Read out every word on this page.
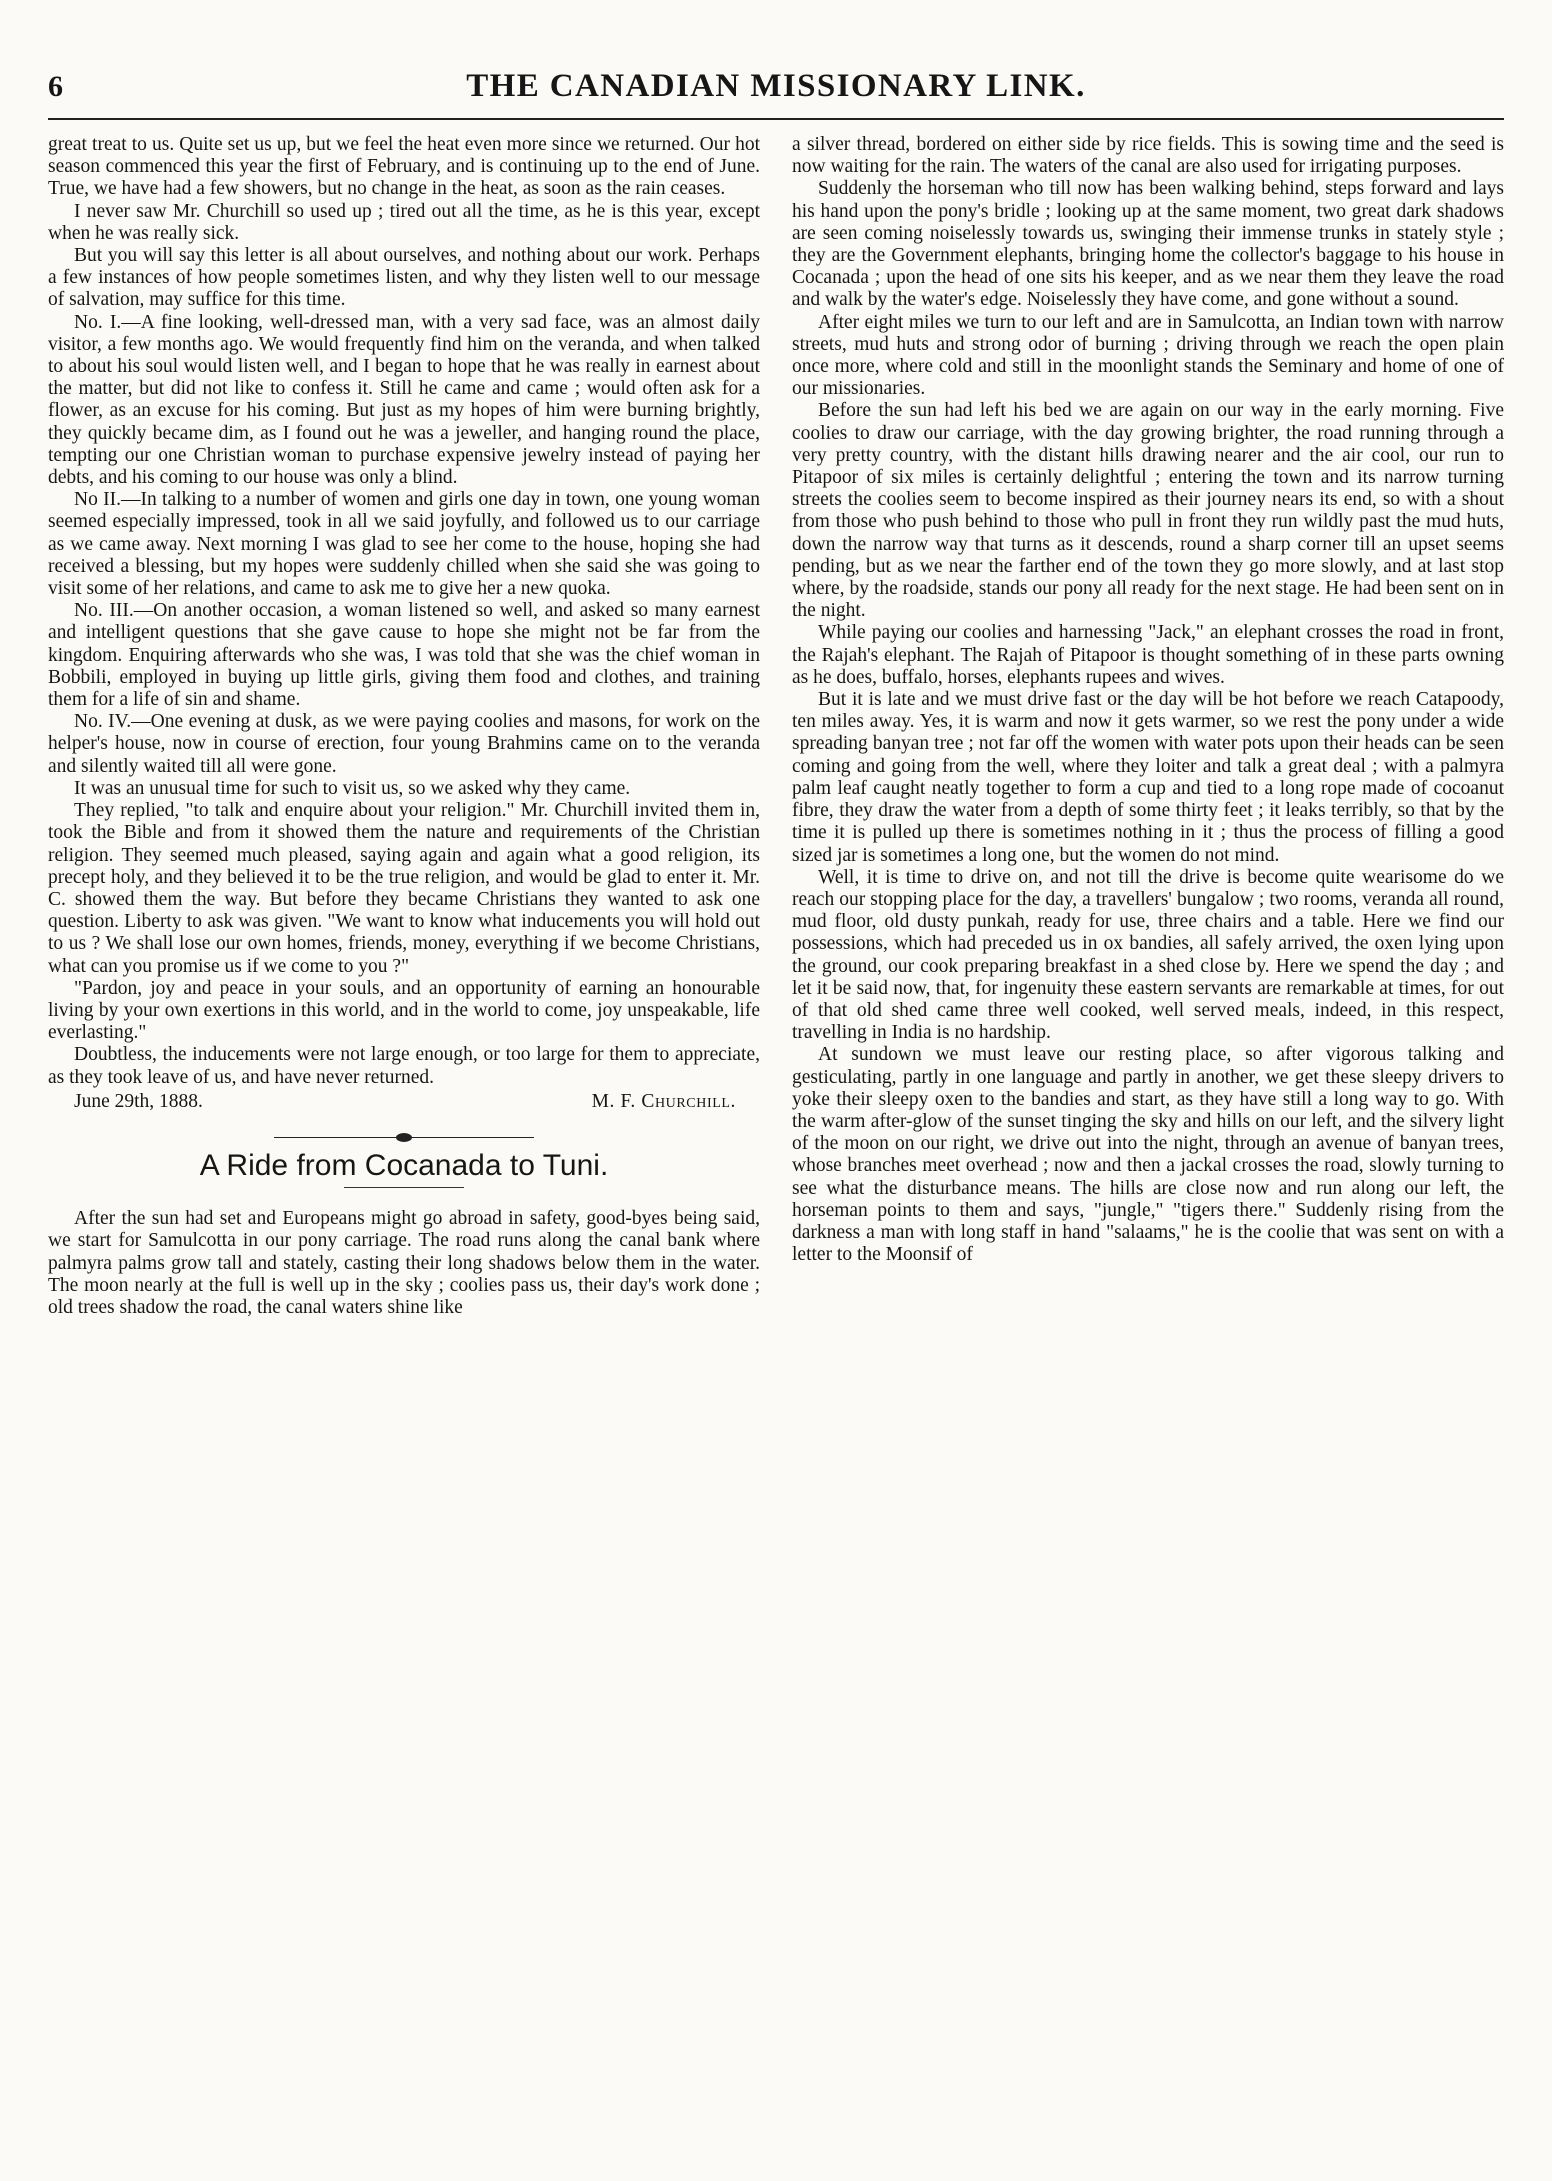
6	THE CANADIAN MISSIONARY LINK.

great treat to us. Quite set us up, but we feel the heat even more since we returned. Our hot season commenced this year the first of February, and is continuing up to the end of June. True, we have had a few showers, but no change in the heat, as soon as the rain ceases.

I never saw Mr. Churchill so used up ; tired out all the time, as he is this year, except when he was really sick.

But you will say this letter is all about ourselves, and nothing about our work. Perhaps a few instances of how people sometimes listen, and why they listen well to our message of salvation, may suffice for this time.

No. I.—A fine looking, well-dressed man, with a very sad face, was an almost daily visitor, a few months ago. We would frequently find him on the veranda, and when talked to about his soul would listen well, and I began to hope that he was really in earnest about the matter, but did not like to confess it. Still he came and came ; would often ask for a flower, as an excuse for his coming. But just as my hopes of him were burning brightly, they quickly became dim, as I found out he was a jeweller, and hanging round the place, tempting our one Christian woman to purchase expensive jewelry instead of paying her debts, and his coming to our house was only a blind.

No II.—In talking to a number of women and girls one day in town, one young woman seemed especially impressed, took in all we said joyfully, and followed us to our carriage as we came away. Next morning I was glad to see her come to the house, hoping she had received a blessing, but my hopes were suddenly chilled when she said she was going to visit some of her relations, and came to ask me to give her a new quoka.

No. III.—On another occasion, a woman listened so well, and asked so many earnest and intelligent questions that she gave cause to hope she might not be far from the kingdom. Enquiring afterwards who she was, I was told that she was the chief woman in Bobbili, employed in buying up little girls, giving them food and clothes, and training them for a life of sin and shame.

No. IV.—One evening at dusk, as we were paying coolies and masons, for work on the helper's house, now in course of erection, four young Brahmins came on to the veranda and silently waited till all were gone.

It was an unusual time for such to visit us, so we asked why they came.

They replied, "to talk and enquire about your religion." Mr. Churchill invited them in, took the Bible and from it showed them the nature and requirements of the Christian religion. They seemed much pleased, saying again and again what a good religion, its precept holy, and they believed it to be the true religion, and would be glad to enter it. Mr. C. showed them the way. But before they became Christians they wanted to ask one question. Liberty to ask was given. "We want to know what inducements you will hold out to us ? We shall lose our own homes, friends, money, everything if we become Christians, what can you promise us if we come to you ?"

"Pardon, joy and peace in your souls, and an opportunity of earning an honourable living by your own exertions in this world, and in the world to come, joy unspeakable, life everlasting."

Doubtless, the inducements were not large enough, or too large for them to appreciate, as they took leave of us, and have never returned.

June 29th, 1888.	M. F. Churchill.
A Ride from Cocanada to Tuni.

After the sun had set and Europeans might go abroad in safety, good-byes being said, we start for Samulcotta in our pony carriage. The road runs along the canal bank where palmyra palms grow tall and stately, casting their long shadows below them in the water. The moon nearly at the full is well up in the sky ; coolies pass us, their day's work done ; old trees shadow the road, the canal waters shine like

a silver thread, bordered on either side by rice fields. This is sowing time and the seed is now waiting for the rain. The waters of the canal are also used for irrigating purposes.

Suddenly the horseman who till now has been walking behind, steps forward and lays his hand upon the pony's bridle ; looking up at the same moment, two great dark shadows are seen coming noiselessly towards us, swinging their immense trunks in stately style ; they are the Government elephants, bringing home the collector's baggage to his house in Cocanada ; upon the head of one sits his keeper, and as we near them they leave the road and walk by the water's edge. Noiselessly they have come, and gone without a sound.

After eight miles we turn to our left and are in Samulcotta, an Indian town with narrow streets, mud huts and strong odor of burning ; driving through we reach the open plain once more, where cold and still in the moonlight stands the Seminary and home of one of our missionaries.

Before the sun had left his bed we are again on our way in the early morning. Five coolies to draw our carriage, with the day growing brighter, the road running through a very pretty country, with the distant hills drawing nearer and the air cool, our run to Pitapoor of six miles is certainly delightful ; entering the town and its narrow turning streets the coolies seem to become inspired as their journey nears its end, so with a shout from those who push behind to those who pull in front they run wildly past the mud huts, down the narrow way that turns as it descends, round a sharp corner till an upset seems pending, but as we near the farther end of the town they go more slowly, and at last stop where, by the roadside, stands our pony all ready for the next stage. He had been sent on in the night.

While paying our coolies and harnessing "Jack," an elephant crosses the road in front, the Rajah's elephant. The Rajah of Pitapoor is thought something of in these parts owning as he does, buffalo, horses, elephants rupees and wives.

But it is late and we must drive fast or the day will be hot before we reach Catapoody, ten miles away. Yes, it is warm and now it gets warmer, so we rest the pony under a wide spreading banyan tree ; not far off the women with water pots upon their heads can be seen coming and going from the well, where they loiter and talk a great deal ; with a palmyra palm leaf caught neatly together to form a cup and tied to a long rope made of cocoanut fibre, they draw the water from a depth of some thirty feet ; it leaks terribly, so that by the time it is pulled up there is sometimes nothing in it ; thus the process of filling a good sized jar is sometimes a long one, but the women do not mind.

Well, it is time to drive on, and not till the drive is become quite wearisome do we reach our stopping place for the day, a travellers' bungalow ; two rooms, veranda all round, mud floor, old dusty punkah, ready for use, three chairs and a table. Here we find our possessions, which had preceded us in ox bandies, all safely arrived, the oxen lying upon the ground, our cook preparing breakfast in a shed close by. Here we spend the day ; and let it be said now, that, for ingenuity these eastern servants are remarkable at times, for out of that old shed came three well cooked, well served meals, indeed, in this respect, travelling in India is no hardship.

At sundown we must leave our resting place, so after vigorous talking and gesticulating, partly in one language and partly in another, we get these sleepy drivers to yoke their sleepy oxen to the bandies and start, as they have still a long way to go. With the warm after-glow of the sunset tinging the sky and hills on our left, and the silvery light of the moon on our right, we drive out into the night, through an avenue of banyan trees, whose branches meet overhead ; now and then a jackal crosses the road, slowly turning to see what the disturbance means. The hills are close now and run along our left, the horseman points to them and says, "jungle," "tigers there." Suddenly rising from the darkness a man with long staff in hand "salaams," he is the coolie that was sent on with a letter to the Moonsif of
